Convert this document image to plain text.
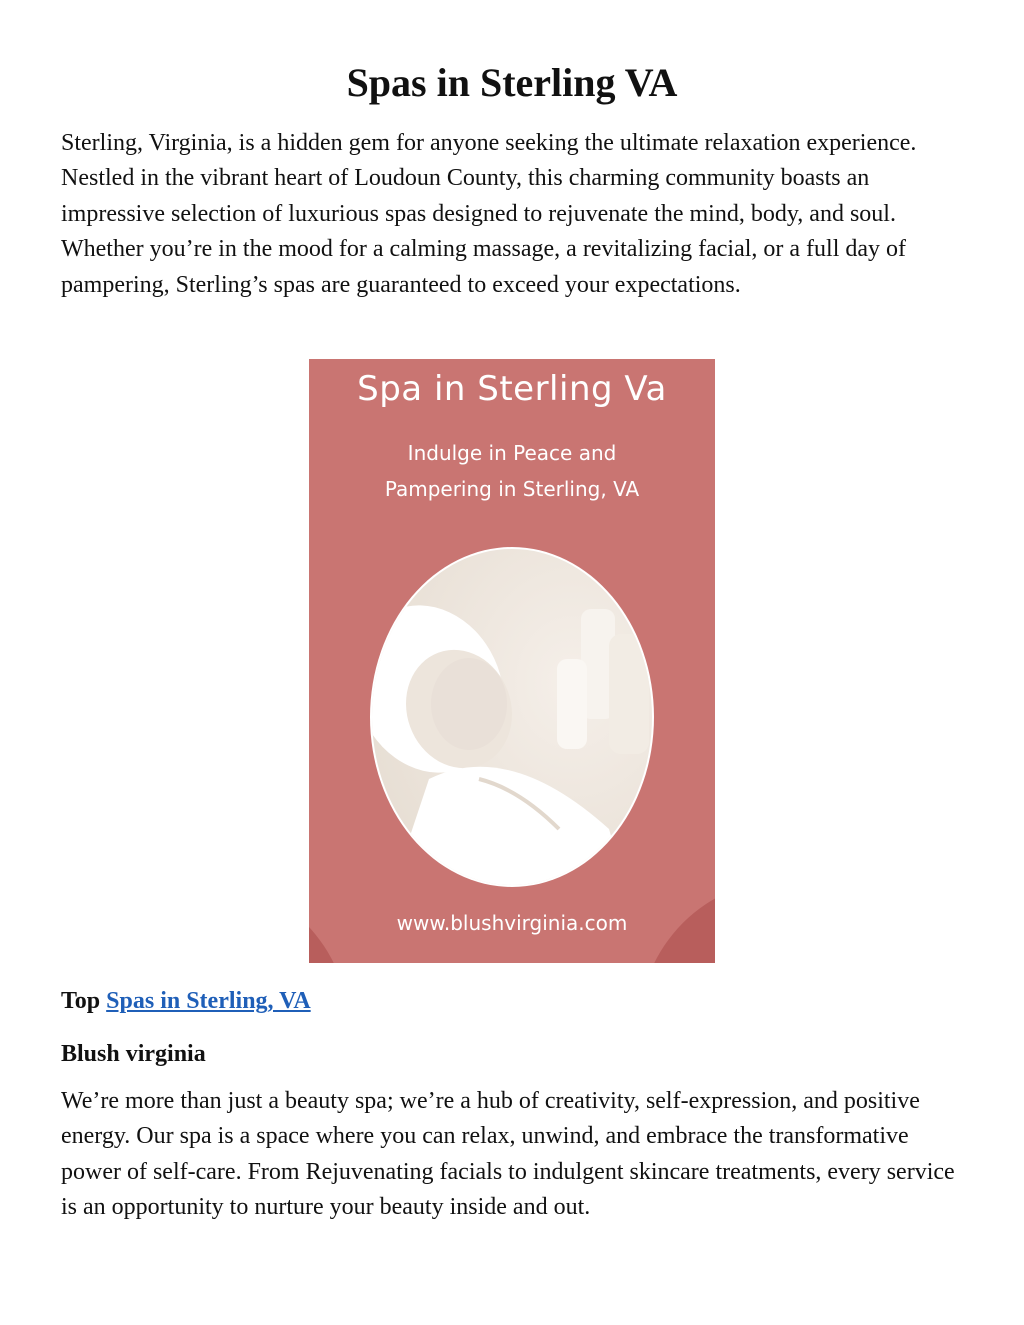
Spas in Sterling VA

Sterling, Virginia, is a hidden gem for anyone seeking the ultimate relaxation experience. Nestled in the vibrant heart of Loudoun County, this charming community boasts an impressive selection of luxurious spas designed to rejuvenate the mind, body, and soul. Whether you’re in the mood for a calming massage, a revitalizing facial, or a full day of pampering, Sterling’s spas are guaranteed to exceed your expectations.

Spa in Sterling Va
Indulge in Peace and
Pampering in Sterling, VA
www.blushvirginia.com
Top Spas in Sterling, VA
Blush virginia

We’re more than just a beauty spa; we’re a hub of creativity, self-expression, and positive energy. Our spa is a space where you can relax, unwind, and embrace the transformative power of self-care. From Rejuvenating facials to indulgent skincare treatments, every service is an opportunity to nurture your beauty inside and out.
